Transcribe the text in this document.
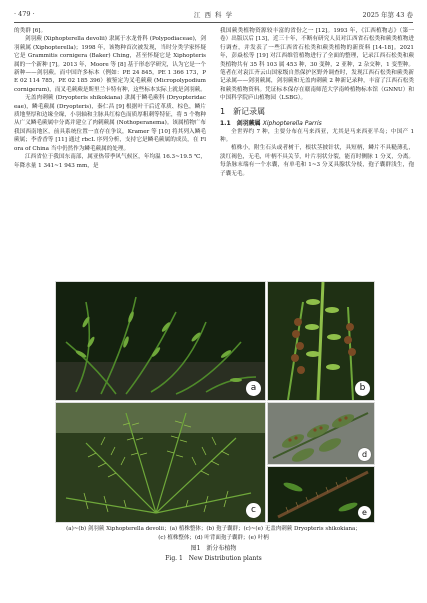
· 479 ·	江 西 科 学	2025 年第 43 卷

的类群 [6]。

剑羽蕨 (Xiphopterella devolii) 隶属于水龙骨科 (Polypodiaceae)，剑羽蕨属 (Xiphopterella)；1998 年，该物种首次被发现，当时分类学家怀疑它是 Grammitis cornigera (Baker) Ching，甚至怀疑它是 Xiphopteris 属的一个新种 [7]。2013 年，Moore 等 [8] 基于形态学研究，认为它是一个新种——剑羽蕨。而中国许多标本（例如：PE 24 845，PE 1 366 173，PE 02 114 785，PE 02 185 396）被鉴定为叉毛蕨蕨 (Micropolypodium cornigerum)，而叉毛蕨蕨是斯里兰卡特有种，这些标本实际上就是剑羽蕨。

无盖肉刺蕨 (Dryopteris shikokiana) 隶属于鳞毛蕨科 (Dryopteridaceae)，鳞毛蕨属 (Dryopteris)，秦仁昌 [9] 根据叶干后近革质、棕色，鳞片质地坚厚和边缘全缘，小羽轴和主脉具红棕色而质厚粗刺等特征，将 5 个物种从广义鳞毛蕨属中分离并建立了肉刺蕨属 (Nothoperanema)。该属植物广布我国西南地区，前具系统位置一直存在争议，Kramer 等 [10] 将其列入鳞毛蕨属；李香香等 [11] 通过 rbcL 序列分析，支持它是鳞毛蕨属的成员，在 Flora of China 当中仍然作为鳞毛蕨属的处理。

江西省位于我国东南部，属亚热带季风气候区，年均温 16.3~19.5 ℃，年降水量 1 341~1 943 mm，是

我国蕨类植物资源较丰富的省份之一 [12]。1993 年，《江西植物志》（第一卷）出版以后 [13]，近三十年，不断有研究人员对江西省石松类和蕨类植物进行调查，并发表了一些江西省石松类和蕨类植物的新资料 [14-18]。2021 年，彭焱松等 [19] 对江西维管植物进行了全面的整理，记录江西石松类和蕨类植物共有 35 科 103 属 453 种，30 变种，2 亚种，2 杂交种，1 变型种。笔者在对袁江齐云山国家级自然保护区野外调查时，发现江西石松类和蕨类新记录属——剑羽蕨属，剑羽蕨和无盖肉刺蕨 2 种新记录种，丰富了江西石松类和蕨类植物资料。凭证标本保存在赣南师范大学南岭植物标本馆（GNNU）和中国科学院庐山植物园（LSBG）。

1　新记录属
1.1　剑羽蕨属 Xiphopterella Parris

全世界约 7 种，主要分布在马来西亚，尤其是马来西亚半岛；中国产 1 种。

植株小，附生石头或者树干，根状茎披针状，具短柄，鳞片不具糙薄孔，淡红褐色，无毛，叶柄不具关节，叶片羽状分裂，能育时侧脉 1 分叉，分离。每条脉末端有一个水囊，有单毛和 1~3 分叉具腺状分枝，孢子囊群浅生，孢子囊无毛。

a	b
c
d
e
(a)~(b) 剑羽蕨 Xiphopterella devolii；(a) 植株整体；(b) 孢子囊群；(c)~(e) 无盖肉刺蕨 Dryopteris shikokiana；
(c) 植株整体；(d) 叶背面孢子囊群；(e) 叶柄
图1　新分布植物
Fig. 1　New Distribution plants
